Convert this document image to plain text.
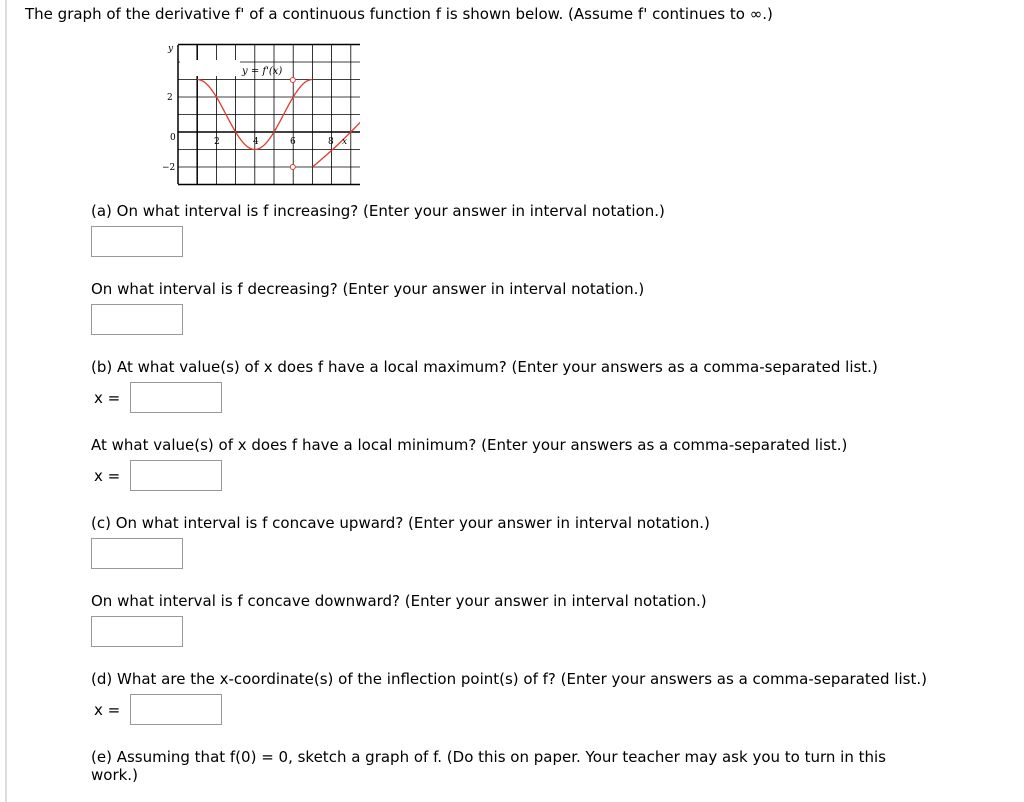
The graph of the derivative f' of a continuous function f is shown below. (Assume f' continues to ∞.)
y = f'(x)
y
x
0	2	4	6	8
2
−2
(a) On what interval is f increasing? (Enter your answer in interval notation.)
On what interval is f decreasing? (Enter your answer in interval notation.)
(b) At what value(s) of x does f have a local maximum? (Enter your answers as a comma-separated list.)
x =
At what value(s) of x does f have a local minimum? (Enter your answers as a comma-separated list.)
x =
(c) On what interval is f concave upward? (Enter your answer in interval notation.)
On what interval is f concave downward? (Enter your answer in interval notation.)
(d) What are the x-coordinate(s) of the inflection point(s) of f? (Enter your answers as a comma-separated list.)
x =
(e) Assuming that f(0) = 0, sketch a graph of f. (Do this on paper. Your teacher may ask you to turn in this
work.)
